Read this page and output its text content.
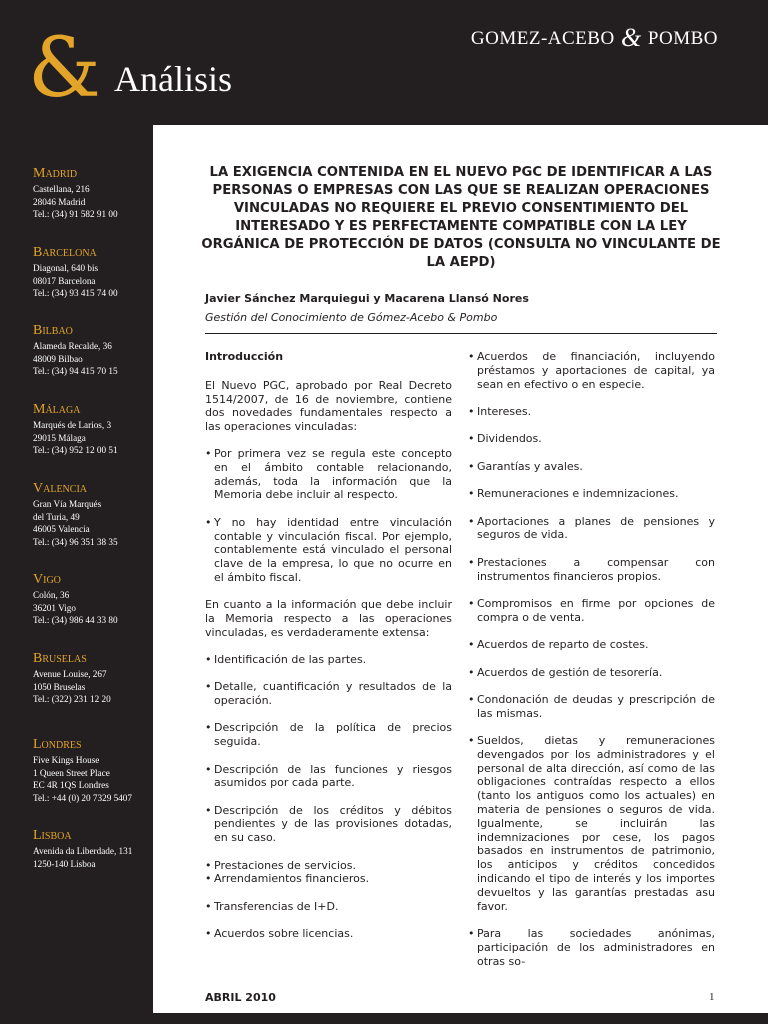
& Análisis
GOMEZ-ACEBO & POMBO
Madrid
Castellana, 216
28046 Madrid
Tel.: (34) 91 582 91 00
Barcelona
Diagonal, 640 bis
08017 Barcelona
Tel.: (34) 93 415 74 00
Bilbao
Alameda Recalde, 36
48009 Bilbao
Tel.: (34) 94 415 70 15
Málaga
Marqués de Larios, 3
29015 Málaga
Tel.: (34) 952 12 00 51
Valencia
Gran Vía Marqués
del Turia, 49
46005 Valencia
Tel.: (34) 96 351 38 35
Vigo
Colón, 36
36201 Vigo
Tel.: (34) 986 44 33 80
Bruselas
Avenue Louise, 267
1050 Bruselas
Tel.: (322) 231 12 20
Londres
Five Kings House
1 Queen Street Place
EC 4R 1QS Londres
Tel.: +44 (0) 20 7329 5407
Lisboa
Avenida da Liberdade, 131
1250-140 Lisboa
LA EXIGENCIA CONTENIDA EN EL NUEVO PGC DE IDENTIFICAR A LAS PERSONAS O EMPRESAS CON LAS QUE SE REALIZAN OPERACIONES VINCULADAS NO REQUIERE EL PREVIO CONSENTIMIENTO DEL INTERESADO Y ES PERFECTAMENTE COMPATIBLE CON LA LEY ORGÁNICA DE PROTECCIÓN DE DATOS (CONSULTA NO VINCULANTE DE LA AEPD)
Javier Sánchez Marquiegui y Macarena Llansó Nores
Gestión del Conocimiento de Gómez-Acebo & Pombo
Introducción

El Nuevo PGC, aprobado por Real Decreto 1514/2007, de 16 de noviembre, contiene dos novedades fundamentales respecto a las operaciones vinculadas:

• Por primera vez se regula este concepto en el ámbito contable relacionando, además, toda la información que la Memoria debe incluir al respecto.
• Y no hay identidad entre vinculación contable y vinculación fiscal. Por ejemplo, contablemente está vinculado el personal clave de la empresa, lo que no ocurre en el ámbito fiscal.

En cuanto a la información que debe incluir la Memoria respecto a las operaciones vinculadas, es verdaderamente extensa:

• Identificación de las partes.
• Detalle, cuantificación y resultados de la operación.
• Descripción de la política de precios seguida.
• Descripción de las funciones y riesgos asumidos por cada parte.
• Descripción de los créditos y débitos pendientes y de las provisiones dotadas, en su caso.
• Prestaciones de servicios.
• Arrendamientos financieros.
• Transferencias de I+D.
• Acuerdos sobre licencias.
• Acuerdos de financiación, incluyendo préstamos y aportaciones de capital, ya sean en efectivo o en especie.
• Intereses.
• Dividendos.
• Garantías y avales.
• Remuneraciones e indemnizaciones.
• Aportaciones a planes de pensiones y seguros de vida.
• Prestaciones a compensar con instrumentos financieros propios.
• Compromisos en firme por opciones de compra o de venta.
• Acuerdos de reparto de costes.
• Acuerdos de gestión de tesorería.
• Condonación de deudas y prescripción de las mismas.
• Sueldos, dietas y remuneraciones devengados por los administradores y el personal de alta dirección, así como de las obligaciones contraídas respecto a ellos (tanto los antiguos como los actuales) en materia de pensiones o seguros de vida. Igualmente, se incluirán las indemnizaciones por cese, los pagos basados en instrumentos de patrimonio, los anticipos y créditos concedidos indicando el tipo de interés y los importes devueltos y las garantías prestadas asu favor.
• Para las sociedades anónimas, participación de los administradores en otras so-
ABRIL 2010	1
